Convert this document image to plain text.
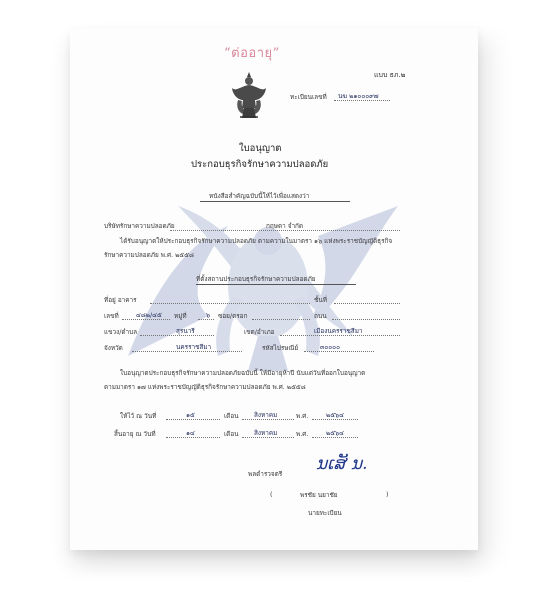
“ต่ออายุ”
แบบ ธภ.๒
ทะเบียนเลขที่ นฆ ๒๑๐๐๐๙๗
ใบอนุญาต
ประกอบธุรกิจรักษาความปลอดภัย
หนังสือสำคัญฉบับนี้ให้ไว้เพื่อแสดงว่า
บริษัทรักษาความปลอดภัย	กฤษดา จำกัด
ได้รับอนุญาตให้ประกอบธุรกิจรักษาความปลอดภัย ตามความในมาตรา ๑๖ แห่งพระราชบัญญัติธุรกิจ
รักษาความปลอดภัย พ.ศ. ๒๕๕๘
ที่ตั้งสถานประกอบธุรกิจรักษาความปลอดภัย
ที่อยู่ อาคาร	ชั้นที่
เลขที่	๔๘๒/๔๕ หมู่ที่	๖ ซอย/ตรอก	ถนน
แขวง/ตำบล	สุรนารี	เขต/อำเภอ	เมืองนครราชสีมา
จังหวัด	นครราชสีมา	รหัสไปรษณีย์	๓๐๐๐๐
ใบอนุญาตประกอบธุรกิจรักษาความปลอดภัยฉบับนี้ ให้มีอายุห้าปี นับแต่วันที่ออกใบอนุญาต
ตามมาตรา ๑๗ แห่งพระราชบัญญัติธุรกิจรักษาความปลอดภัย พ.ศ. ๒๕๕๘
ให้ไว้ ณ วันที่	๑๕	เดือน สิงหาคม	พ.ศ.	๒๕๖๔
สิ้นอายุ ณ วันที่	๑๔	เดือน สิงหาคม	พ.ศ.	๒๕๖๔
พลตำรวจตรี ນເສັ ນ.
(	พรชัย นยาชัย	)
นายทะเบียน
